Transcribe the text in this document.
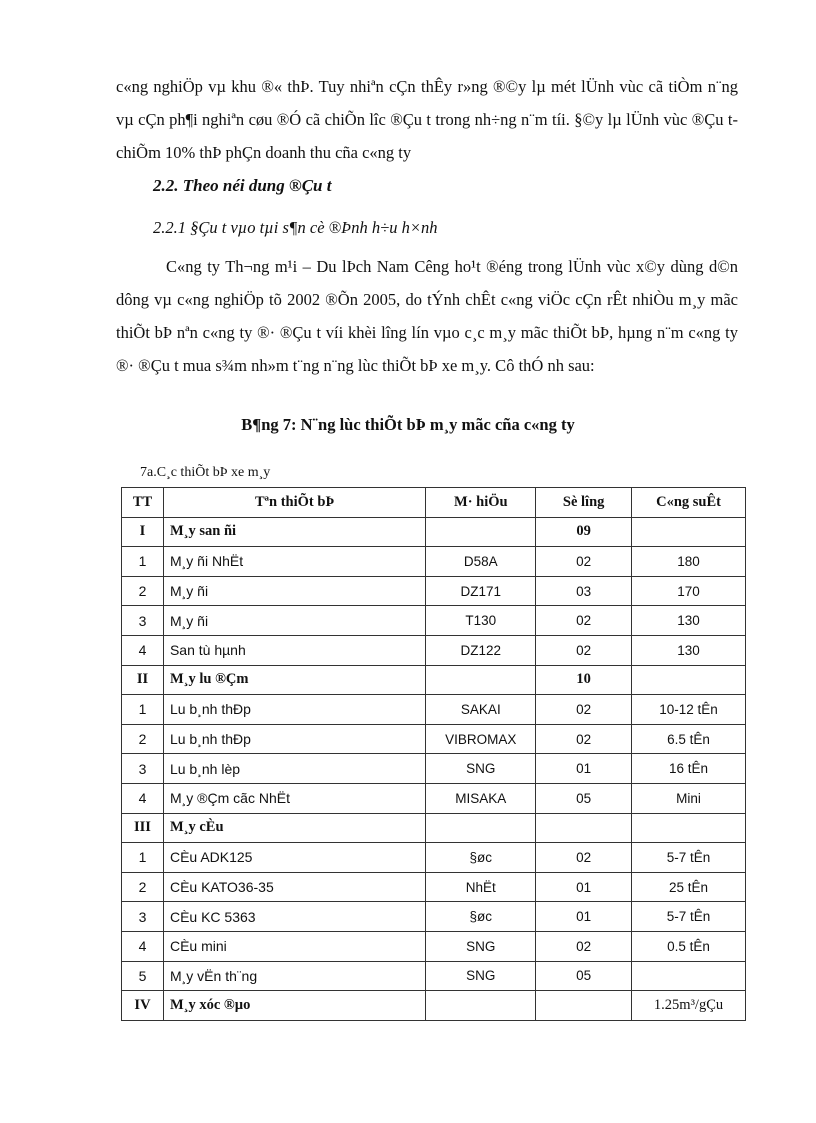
c«ng nghiÖp vµ khu ®« thÞ. Tuy nhiªn cÇn thÊy r»ng ®©y lµ mét lÜnh vùc cã tiÒm n¨ng vµ cÇn ph¶i nghiªn cøu ®Ó cã chiÕn lîc ®Çu t trong nh÷ng n¨m tíi. §©y lµ lÜnh vùc ®Çu t chiÕm 10% thÞ phÇn doanh thu cña c«ng ty

2.2. Theo néi dung ®Çu t

2.2.1 §Çu t vµo tµi s¶n cè ®Þnh h÷u h×nh

C«ng ty Th¬ng m¹i – Du lÞch Nam Cêng ho¹t ®éng trong lÜnh vùc x©y dùng d©n dông vµ c«ng nghiÖp tõ 2002 ®Õn 2005, do tÝnh chÊt c«ng viÖc cÇn rÊt nhiÒu m¸y mãc thiÕt bÞ nªn c«ng ty ®· ®Çu t víi khèi lîng lín vµo c¸c m¸y mãc thiÕt bÞ, hµng n¨m c«ng ty ®· ®Çu t mua s¾m nh»m t¨ng n¨ng lùc thiÕt bÞ xe m¸y. Cô thÓ nh sau:

B¶ng 7: N¨ng lùc thiÕt bÞ m¸y mãc cña c«ng ty

7a.C¸c thiÕt bÞ xe m¸y

TT	Tªn thiÕt bÞ	M· hiÖu	Sè lîng	C«ng suÊt
I	M¸y san ñi		09	
1	M¸y ñi NhËt	D58A	02	180
2	M¸y ñi	DZ171	03	170
3	M¸y ñi	T130	02	130
4	San tù hµnh	DZ122	02	130
II	M¸y lu ®Çm		10	
1	Lu b¸nh thÐp	SAKAI	02	10-12 tÊn
2	Lu b¸nh thÐp	VIBROMAX	02	6.5 tÊn
3	Lu b¸nh lèp	SNG	01	16 tÊn
4	M¸y ®Çm cãc NhËt	MISAKA	05	Mini
III	M¸y cÈu			
1	CÈu ADK125	§øc	02	5-7 tÊn
2	CÈu KATO36-35	NhËt	01	25 tÊn
3	CÈu KC 5363	§øc	01	5-7 tÊn
4	CÈu mini	SNG	02	0.5 tÊn
5	M¸y vËn th¨ng	SNG	05	
IV	M¸y xóc ®µo			1.25m³/gÇu
